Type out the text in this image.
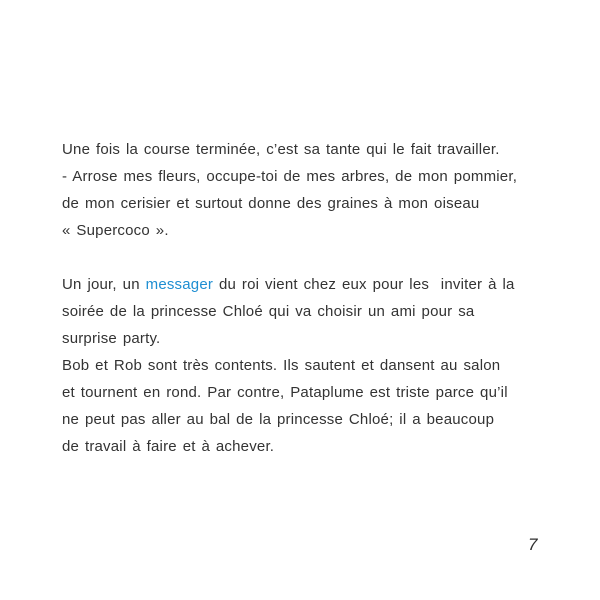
Une fois la course terminée, c’est sa tante qui le fait travailler.
- Arrose mes fleurs, occupe-toi de mes arbres, de mon pommier,
de mon cerisier et surtout donne des graines à mon oiseau
« Supercoco ».
Un jour, un messager du roi vient chez eux pour les  inviter à la
soirée de la princesse Chloé qui va choisir un ami pour sa
surprise party.
Bob et Rob sont très contents. Ils sautent et dansent au salon
et tournent en rond. Par contre, Pataplume est triste parce qu’il
ne peut pas aller au bal de la princesse Chloé; il a beaucoup
de travail à faire et à achever.
7
